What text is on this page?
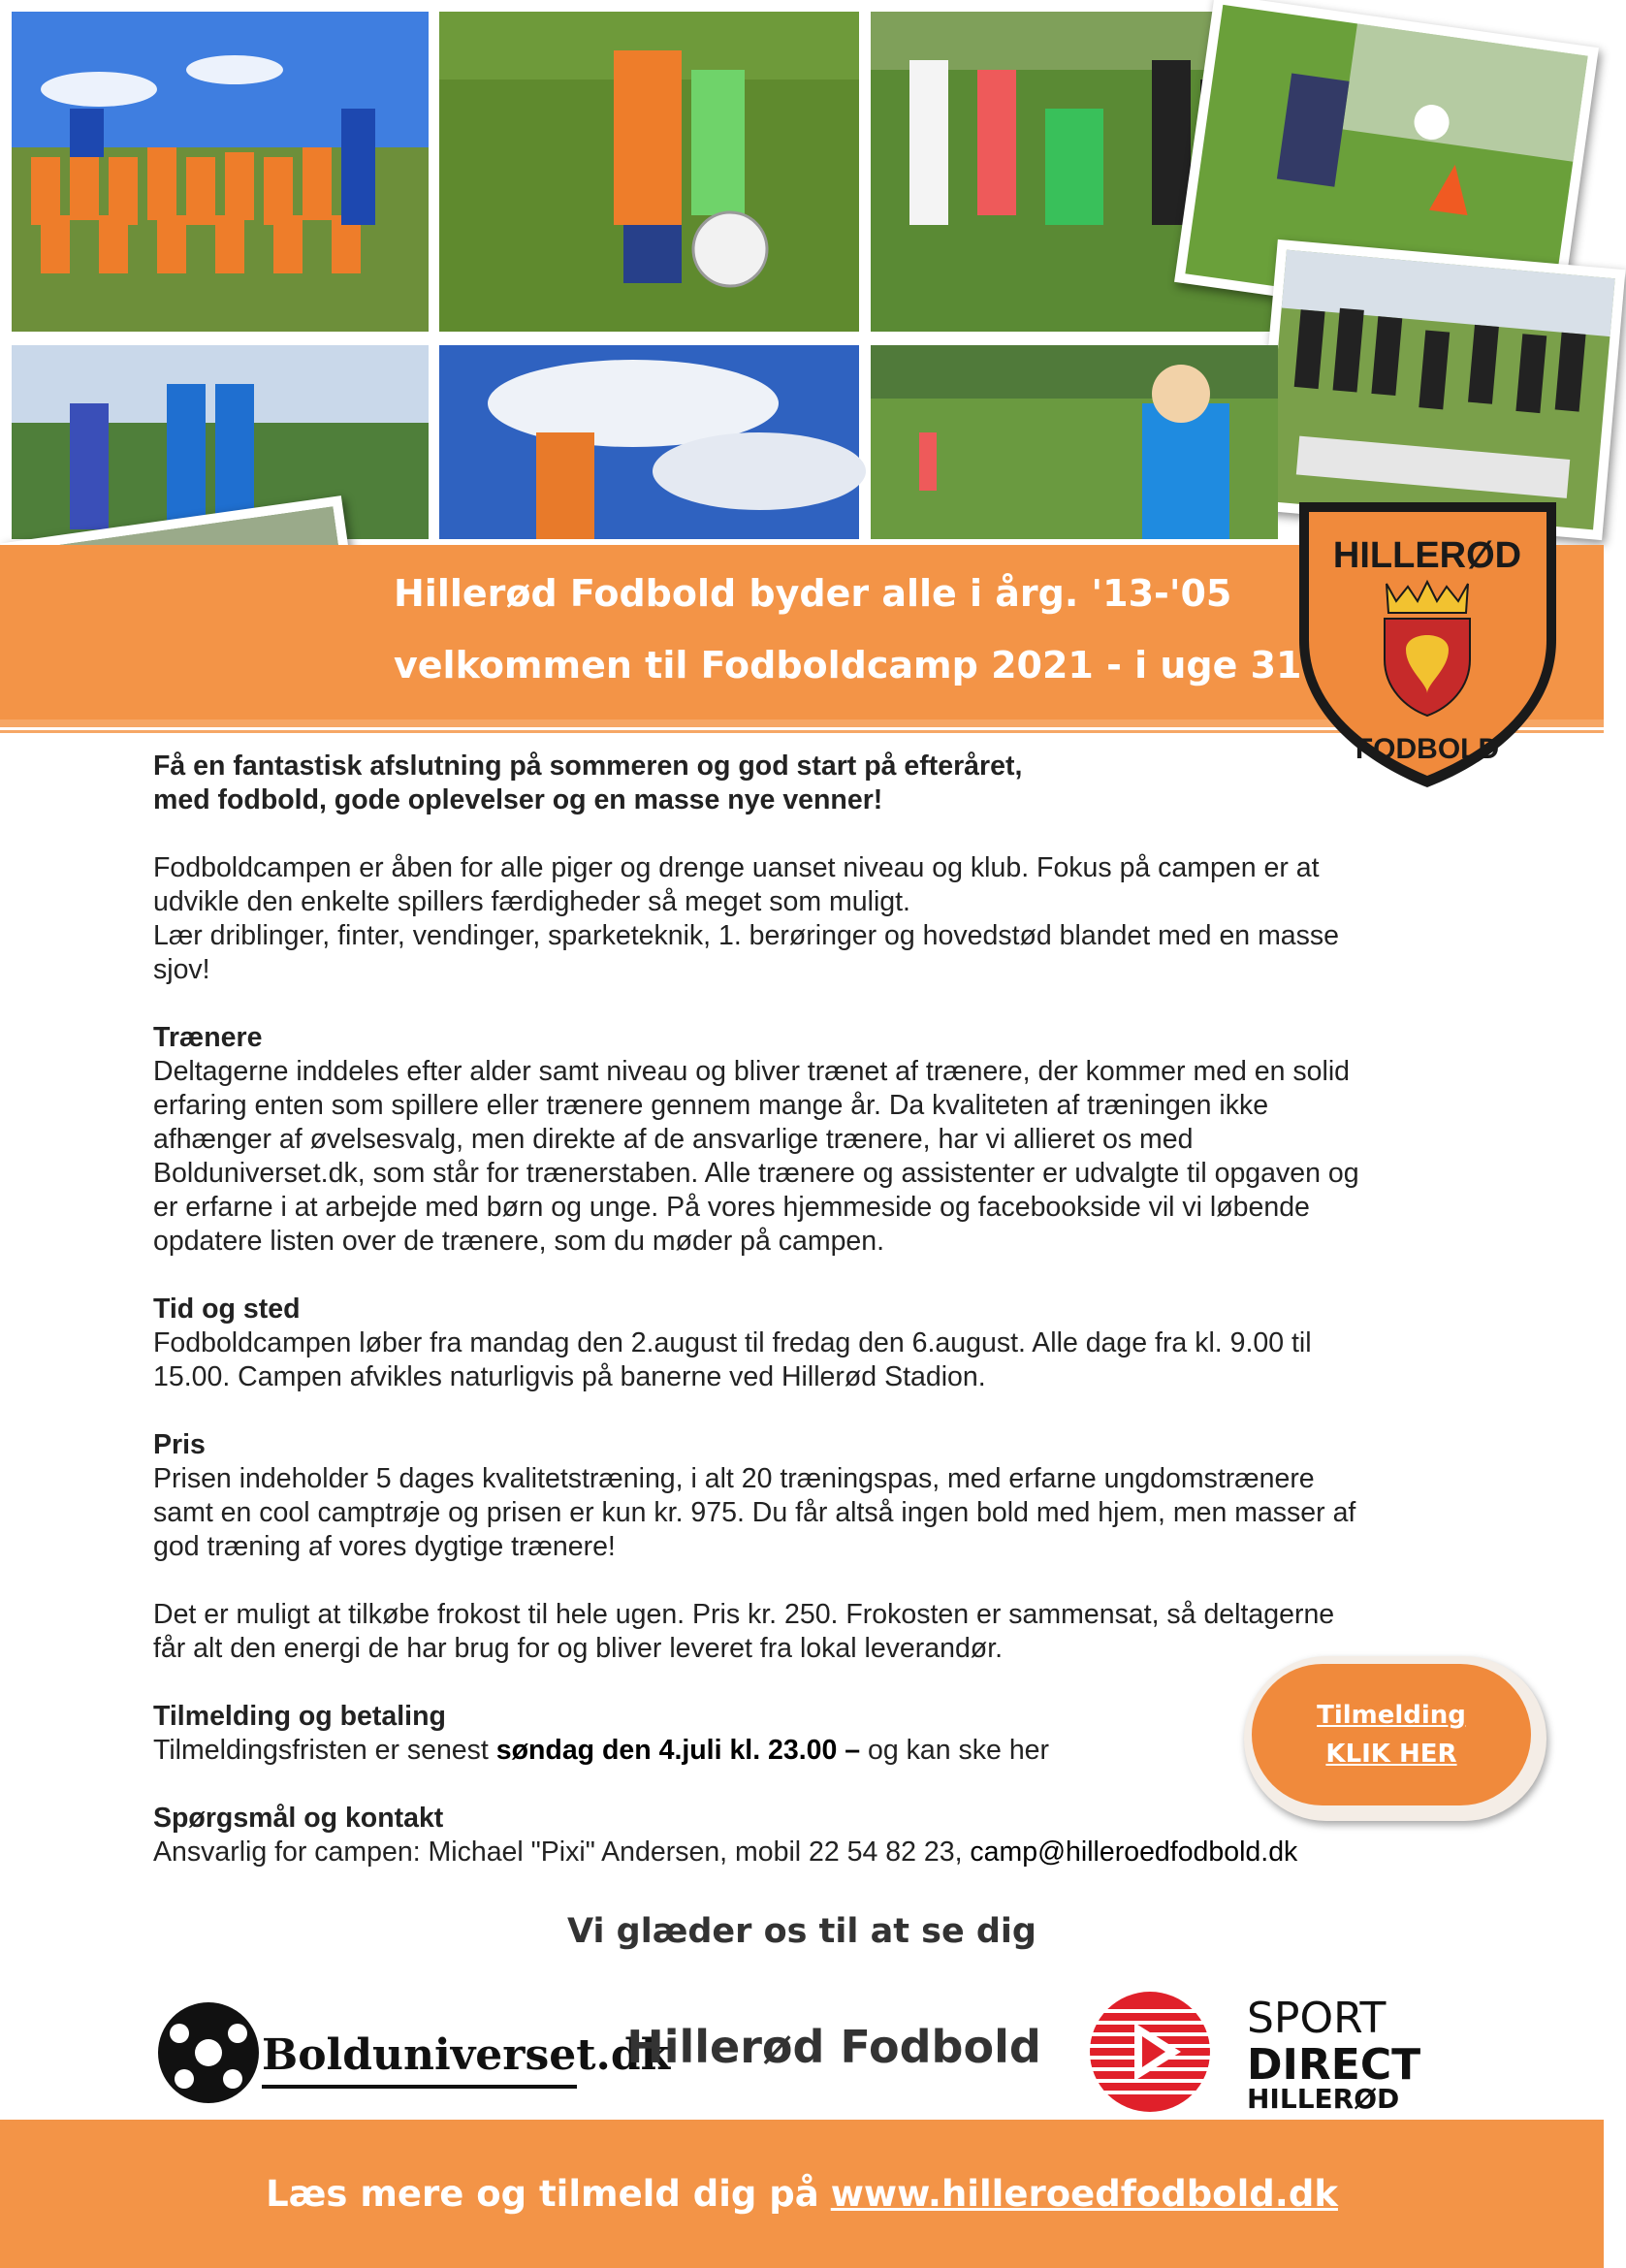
Hillerød Fodbold byder alle i årg. '13-'05
velkommen til Fodboldcamp 2021 - i uge 31
HILLERØD
FODBOLD

Få en fantastisk afslutning på sommeren og god start på efteråret,

med fodbold, gode oplevelser og en masse nye venner!

Fodboldcampen er åben for alle piger og drenge uanset niveau og klub. Fokus på campen er at

udvikle den enkelte spillers færdigheder så meget som muligt.

Lær driblinger, finter, vendinger, sparketeknik, 1. berøringer og hovedstød blandet med en masse

sjov!

Trænere

Deltagerne inddeles efter alder samt niveau og bliver trænet af trænere, der kommer med en solid

erfaring enten som spillere eller trænere gennem mange år. Da kvaliteten af træningen ikke

afhænger af øvelsesvalg, men direkte af de ansvarlige trænere, har vi allieret os med

Bolduniverset.dk, som står for trænerstaben. Alle trænere og assistenter er udvalgte til opgaven og

er erfarne i at arbejde med børn og unge. På vores hjemmeside og facebookside vil vi løbende

opdatere listen over de trænere, som du møder på campen.

Tid og sted

Fodboldcampen løber fra mandag den 2.august til fredag den 6.august. Alle dage fra kl. 9.00 til

15.00. Campen afvikles naturligvis på banerne ved Hillerød Stadion.

Pris

Prisen indeholder 5 dages kvalitetstræning, i alt 20 træningspas, med erfarne ungdomstrænere

samt en cool camptrøje og prisen er kun kr. 975. Du får altså ingen bold med hjem, men masser af

god træning af vores dygtige trænere!

Det er muligt at tilkøbe frokost til hele ugen. Pris kr. 250. Frokosten er sammensat, så deltagerne

får alt den energi de har brug for og bliver leveret fra lokal leverandør.

Tilmelding og betaling

Tilmeldingsfristen er senest søndag den 4.juli kl. 23.00 – og kan ske her

Spørgsmål og kontakt

Ansvarlig for campen: Michael "Pixi" Andersen, mobil 22 54 82 23, camp@hilleroedfodbold.dk

Tilmelding
KLIK HER
Vi glæder os til at se dig
Bolduniverset.dk
Hillerød Fodbold
SPORT
DIRECT
HILLERØD
Læs mere og tilmeld dig på www.hilleroedfodbold.dk
